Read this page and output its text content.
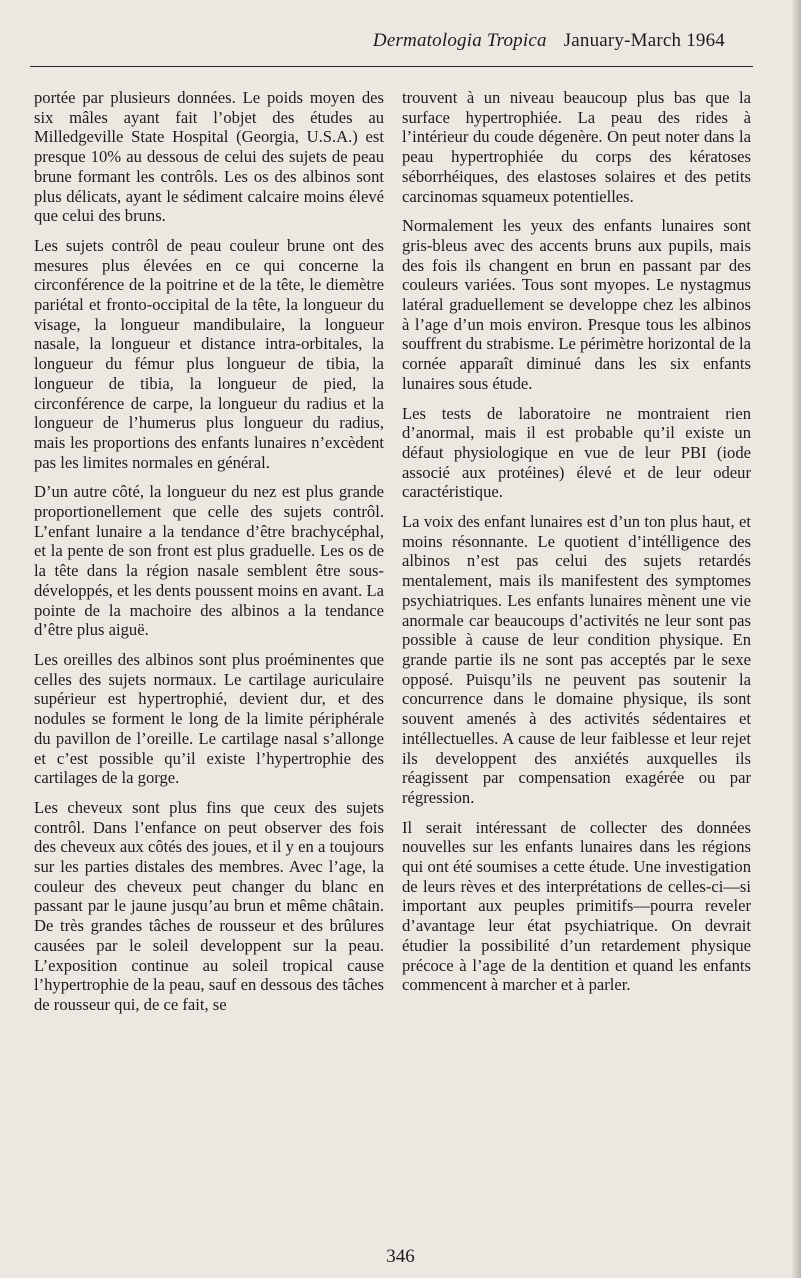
Dermatologia Tropica January-March 1964

portée par plusieurs données. Le poids moyen des six mâles ayant fait l’objet des études au Milledgeville State Hospital (Georgia, U.S.A.) est presque 10% au dessous de celui des sujets de peau brune formant les contrôls. Les os des albinos sont plus délicats, ayant le sédiment calcaire moins élevé que celui des bruns.

Les sujets contrôl de peau couleur brune ont des mesures plus élevées en ce qui concerne la circonférence de la poitrine et de la tête, le diemètre pariétal et fronto-occipital de la tête, la longueur du visage, la longueur mandibulaire, la longueur nasale, la longueur et distance intra-orbitales, la longueur du fémur plus longueur de tibia, la longueur de tibia, la longueur de pied, la circonférence de carpe, la longueur du radius et la longueur de l’humerus plus longueur du radius, mais les proportions des enfants lunaires n’excèdent pas les limites normales en général.

D’un autre côté, la longueur du nez est plus grande proportionellement que celle des sujets contrôl. L’enfant lunaire a la tendance d’être brachycéphal, et la pente de son front est plus graduelle. Les os de la tête dans la région nasale semblent être sous-développés, et les dents poussent moins en avant. La pointe de la machoire des albinos a la tendance d’être plus aiguë.

Les oreilles des albinos sont plus proéminentes que celles des sujets normaux. Le cartilage auriculaire supérieur est hypertrophié, devient dur, et des nodules se forment le long de la limite périphérale du pavillon de l’oreille. Le cartilage nasal s’allonge et c’est possible qu’il existe l’hypertrophie des cartilages de la gorge.

Les cheveux sont plus fins que ceux des sujets contrôl. Dans l’enfance on peut observer des fois des cheveux aux côtés des joues, et il y en a toujours sur les parties distales des membres. Avec l’age, la couleur des cheveux peut changer du blanc en passant par le jaune jusqu’au brun et même châtain. De très grandes tâches de rousseur et des brûlures causées par le soleil developpent sur la peau. L’exposition continue au soleil tropical cause l’hypertrophie de la peau, sauf en dessous des tâches de rousseur qui, de ce fait, se

trouvent à un niveau beaucoup plus bas que la surface hypertrophiée. La peau des rides à l’intérieur du coude dégenère. On peut noter dans la peau hypertrophiée du corps des kératoses séborrhéiques, des elastoses solaires et des petits carcinomas squameux potentielles.

Normalement les yeux des enfants lunaires sont gris-bleus avec des accents bruns aux pupils, mais des fois ils changent en brun en passant par des couleurs variées. Tous sont myopes. Le nystagmus latéral graduellement se developpe chez les albinos à l’age d’un mois environ. Presque tous les albinos souffrent du strabisme. Le périmètre horizontal de la cornée apparaît diminué dans les six enfants lunaires sous étude.

Les tests de laboratoire ne montraient rien d’anormal, mais il est probable qu’il existe un défaut physiologique en vue de leur PBI (iode associé aux protéines) élevé et de leur odeur caractéristique.

La voix des enfant lunaires est d’un ton plus haut, et moins résonnante. Le quotient d’intélligence des albinos n’est pas celui des sujets retardés mentalement, mais ils manifestent des symptomes psychiatriques. Les enfants lunaires mènent une vie anormale car beaucoups d’activités ne leur sont pas possible à cause de leur condition physique. En grande partie ils ne sont pas acceptés par le sexe opposé. Puisqu’ils ne peuvent pas soutenir la concurrence dans le domaine physique, ils sont souvent amenés à des activités sédentaires et intéllectuelles. A cause de leur faiblesse et leur rejet ils developpent des anxiétés auxquelles ils réagissent par compensation exagérée ou par régression.

Il serait intéressant de collecter des données nouvelles sur les enfants lunaires dans les régions qui ont été soumises a cette étude. Une investigation de leurs rèves et des interprétations de celles-ci—si important aux peuples primitifs—pourra reveler d’avantage leur état psychiatrique. On devrait étudier la possibilité d’un retardement physique précoce à l’age de la dentition et quand les enfants commencent à marcher et à parler.

346
